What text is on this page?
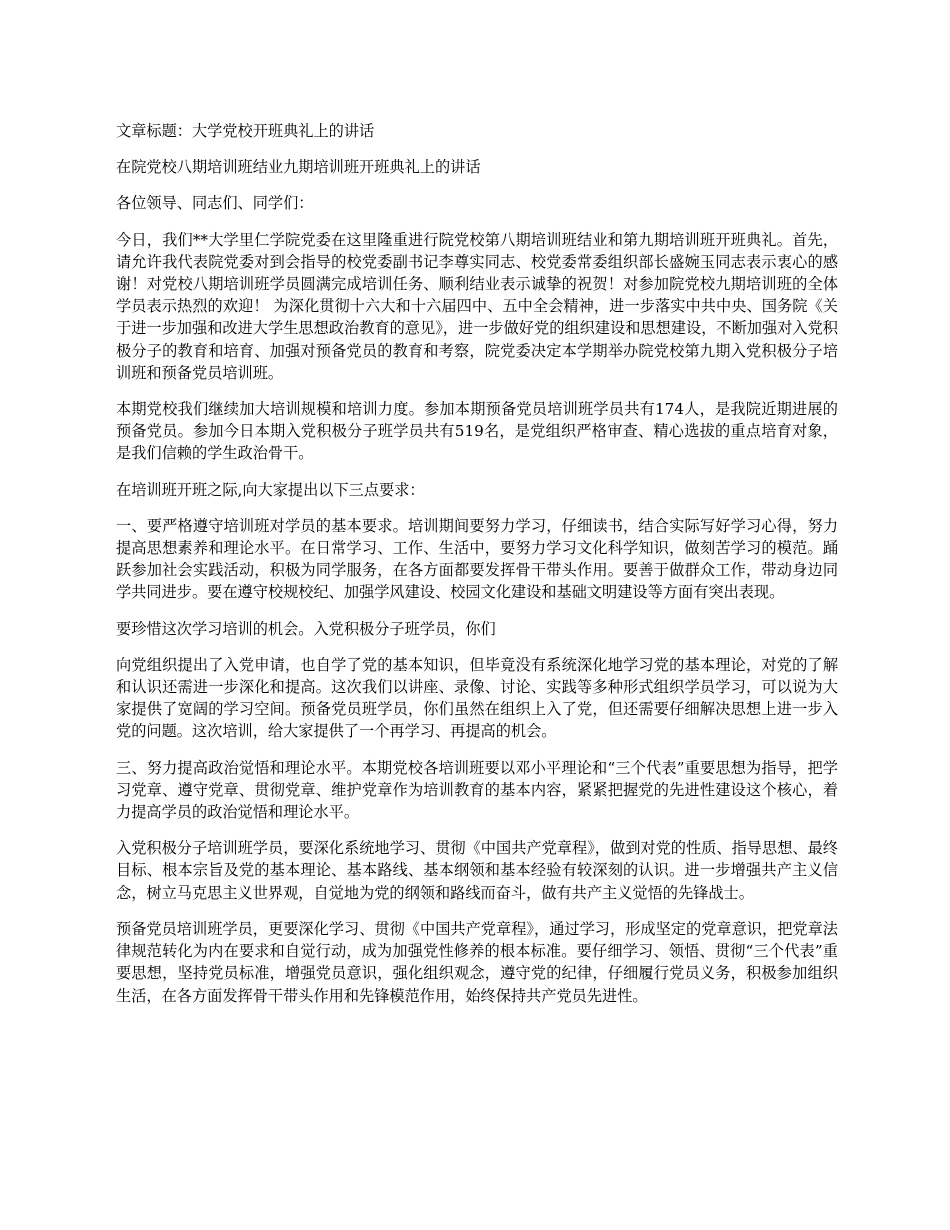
文章标题：大学党校开班典礼上的讲话

在院党校八期培训班结业九期培训班开班典礼上的讲话

各位领导、同志们、同学们：

今日，我们**大学里仁学院党委在这里隆重进行院党校第八期培训班结业和第九期培训班开班典礼。首先，请允许我代表院党委对到会指导的校党委副书记李尊实同志、校党委常委组织部长盛婉玉同志表示衷心的感谢！对党校八期培训班学员圆满完成培训任务、顺利结业表示诚挚的祝贺！对参加院党校九期培训班的全体学员表示热烈的欢迎！ 为深化贯彻十六大和十六届四中、五中全会精神，进一步落实中共中央、国务院《关于进一步加强和改进大学生思想政治教育的意见》，进一步做好党的组织建设和思想建设，不断加强对入党积极分子的教育和培育、加强对预备党员的教育和考察，院党委决定本学期举办院党校第九期入党积极分子培训班和预备党员培训班。

本期党校我们继续加大培训规模和培训力度。参加本期预备党员培训班学员共有174人，是我院近期进展的预备党员。参加今日本期入党积极分子班学员共有519名，是党组织严格审查、精心选拔的重点培育对象，是我们信赖的学生政治骨干。

在培训班开班之际,向大家提出以下三点要求：

一、要严格遵守培训班对学员的基本要求。培训期间要努力学习，仔细读书，结合实际写好学习心得，努力提高思想素养和理论水平。在日常学习、工作、生活中，要努力学习文化科学知识，做刻苦学习的模范。踊跃参加社会实践活动，积极为同学服务，在各方面都要发挥骨干带头作用。要善于做群众工作，带动身边同学共同进步。要在遵守校规校纪、加强学风建设、校园文化建设和基础文明建设等方面有突出表现。

要珍惜这次学习培训的机会。入党积极分子班学员，你们

向党组织提出了入党申请，也自学了党的基本知识，但毕竟没有系统深化地学习党的基本理论，对党的了解和认识还需进一步深化和提高。这次我们以讲座、录像、讨论、实践等多种形式组织学员学习，可以说为大家提供了宽阔的学习空间。预备党员班学员，你们虽然在组织上入了党，但还需要仔细解决思想上进一步入党的问题。这次培训，给大家提供了一个再学习、再提高的机会。

三、努力提高政治觉悟和理论水平。本期党校各培训班要以邓小平理论和“三个代表”重要思想为指导，把学习党章、遵守党章、贯彻党章、维护党章作为培训教育的基本内容，紧紧把握党的先进性建设这个核心，着力提高学员的政治觉悟和理论水平。

入党积极分子培训班学员，要深化系统地学习、贯彻《中国共产党章程》，做到对党的性质、指导思想、最终目标、根本宗旨及党的基本理论、基本路线、基本纲领和基本经验有较深刻的认识。进一步增强共产主义信念，树立马克思主义世界观，自觉地为党的纲领和路线而奋斗，做有共产主义觉悟的先锋战士。

预备党员培训班学员，更要深化学习、贯彻《中国共产党章程》，通过学习，形成坚定的党章意识，把党章法律规范转化为内在要求和自觉行动，成为加强党性修养的根本标准。要仔细学习、领悟、贯彻“三个代表”重要思想，坚持党员标准，增强党员意识，强化组织观念，遵守党的纪律，仔细履行党员义务，积极参加组织生活，在各方面发挥骨干带头作用和先锋模范作用，始终保持共产党员先进性。
